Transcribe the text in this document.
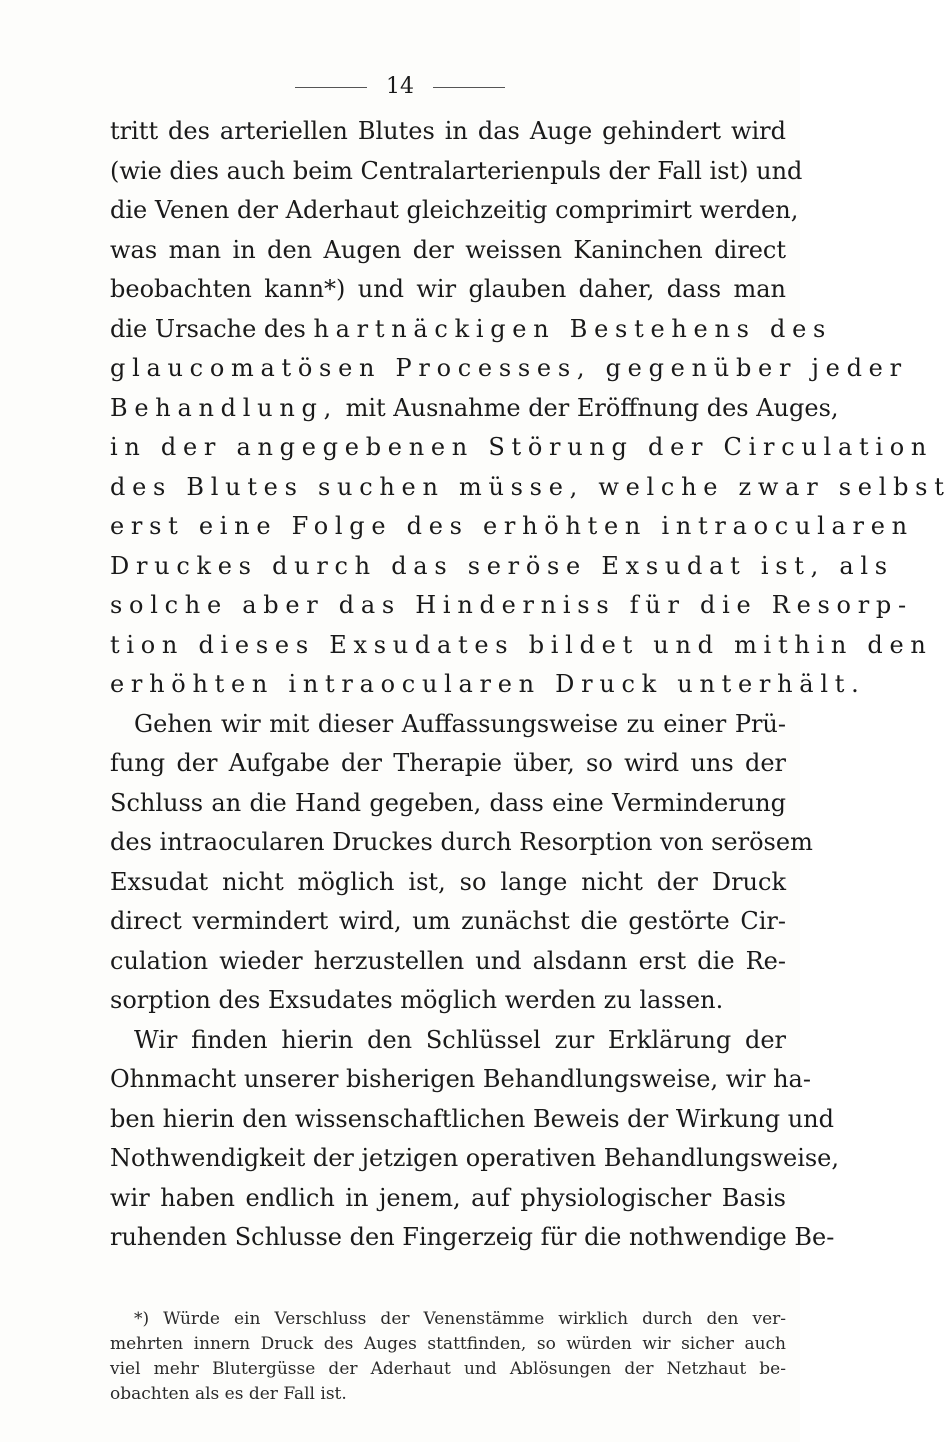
14
tritt des arteriellen Blutes in das Auge gehindert wird
(wie dies auch beim Centralarterienpuls der Fall ist) und
die Venen der Aderhaut gleichzeitig comprimirt werden,
was man in den Augen der weissen Kaninchen direct
beobachten kann*) und wir glauben daher, dass man
die Ursache des hartnäckigen Bestehens des
glaucomatösen Processes, gegenüber jeder
Behandlung, mit Ausnahme der Eröffnung des Auges,
in der angegebenen Störung der Circulation
des Blutes suchen müsse, welche zwar selbst
erst eine Folge des erhöhten intraocularen
Druckes durch das seröse Exsudat ist, als
solche aber das Hinderniss für die Resorp-
tion dieses Exsudates bildet und mithin den
erhöhten intraocularen Druck unterhält.
Gehen wir mit dieser Auffassungsweise zu einer Prü-
fung der Aufgabe der Therapie über, so wird uns der
Schluss an die Hand gegeben, dass eine Verminderung
des intraocularen Druckes durch Resorption von serösem
Exsudat nicht möglich ist, so lange nicht der Druck
direct vermindert wird, um zunächst die gestörte Cir-
culation wieder herzustellen und alsdann erst die Re-
sorption des Exsudates möglich werden zu lassen.
Wir finden hierin den Schlüssel zur Erklärung der
Ohnmacht unserer bisherigen Behandlungsweise, wir ha-
ben hierin den wissenschaftlichen Beweis der Wirkung und
Nothwendigkeit der jetzigen operativen Behandlungsweise,
wir haben endlich in jenem, auf physiologischer Basis
ruhenden Schlusse den Fingerzeig für die nothwendige Be-
*) Würde ein Verschluss der Venenstämme wirklich durch den ver-
mehrten innern Druck des Auges stattfinden, so würden wir sicher auch
viel mehr Blutergüsse der Aderhaut und Ablösungen der Netzhaut be-
obachten als es der Fall ist.
